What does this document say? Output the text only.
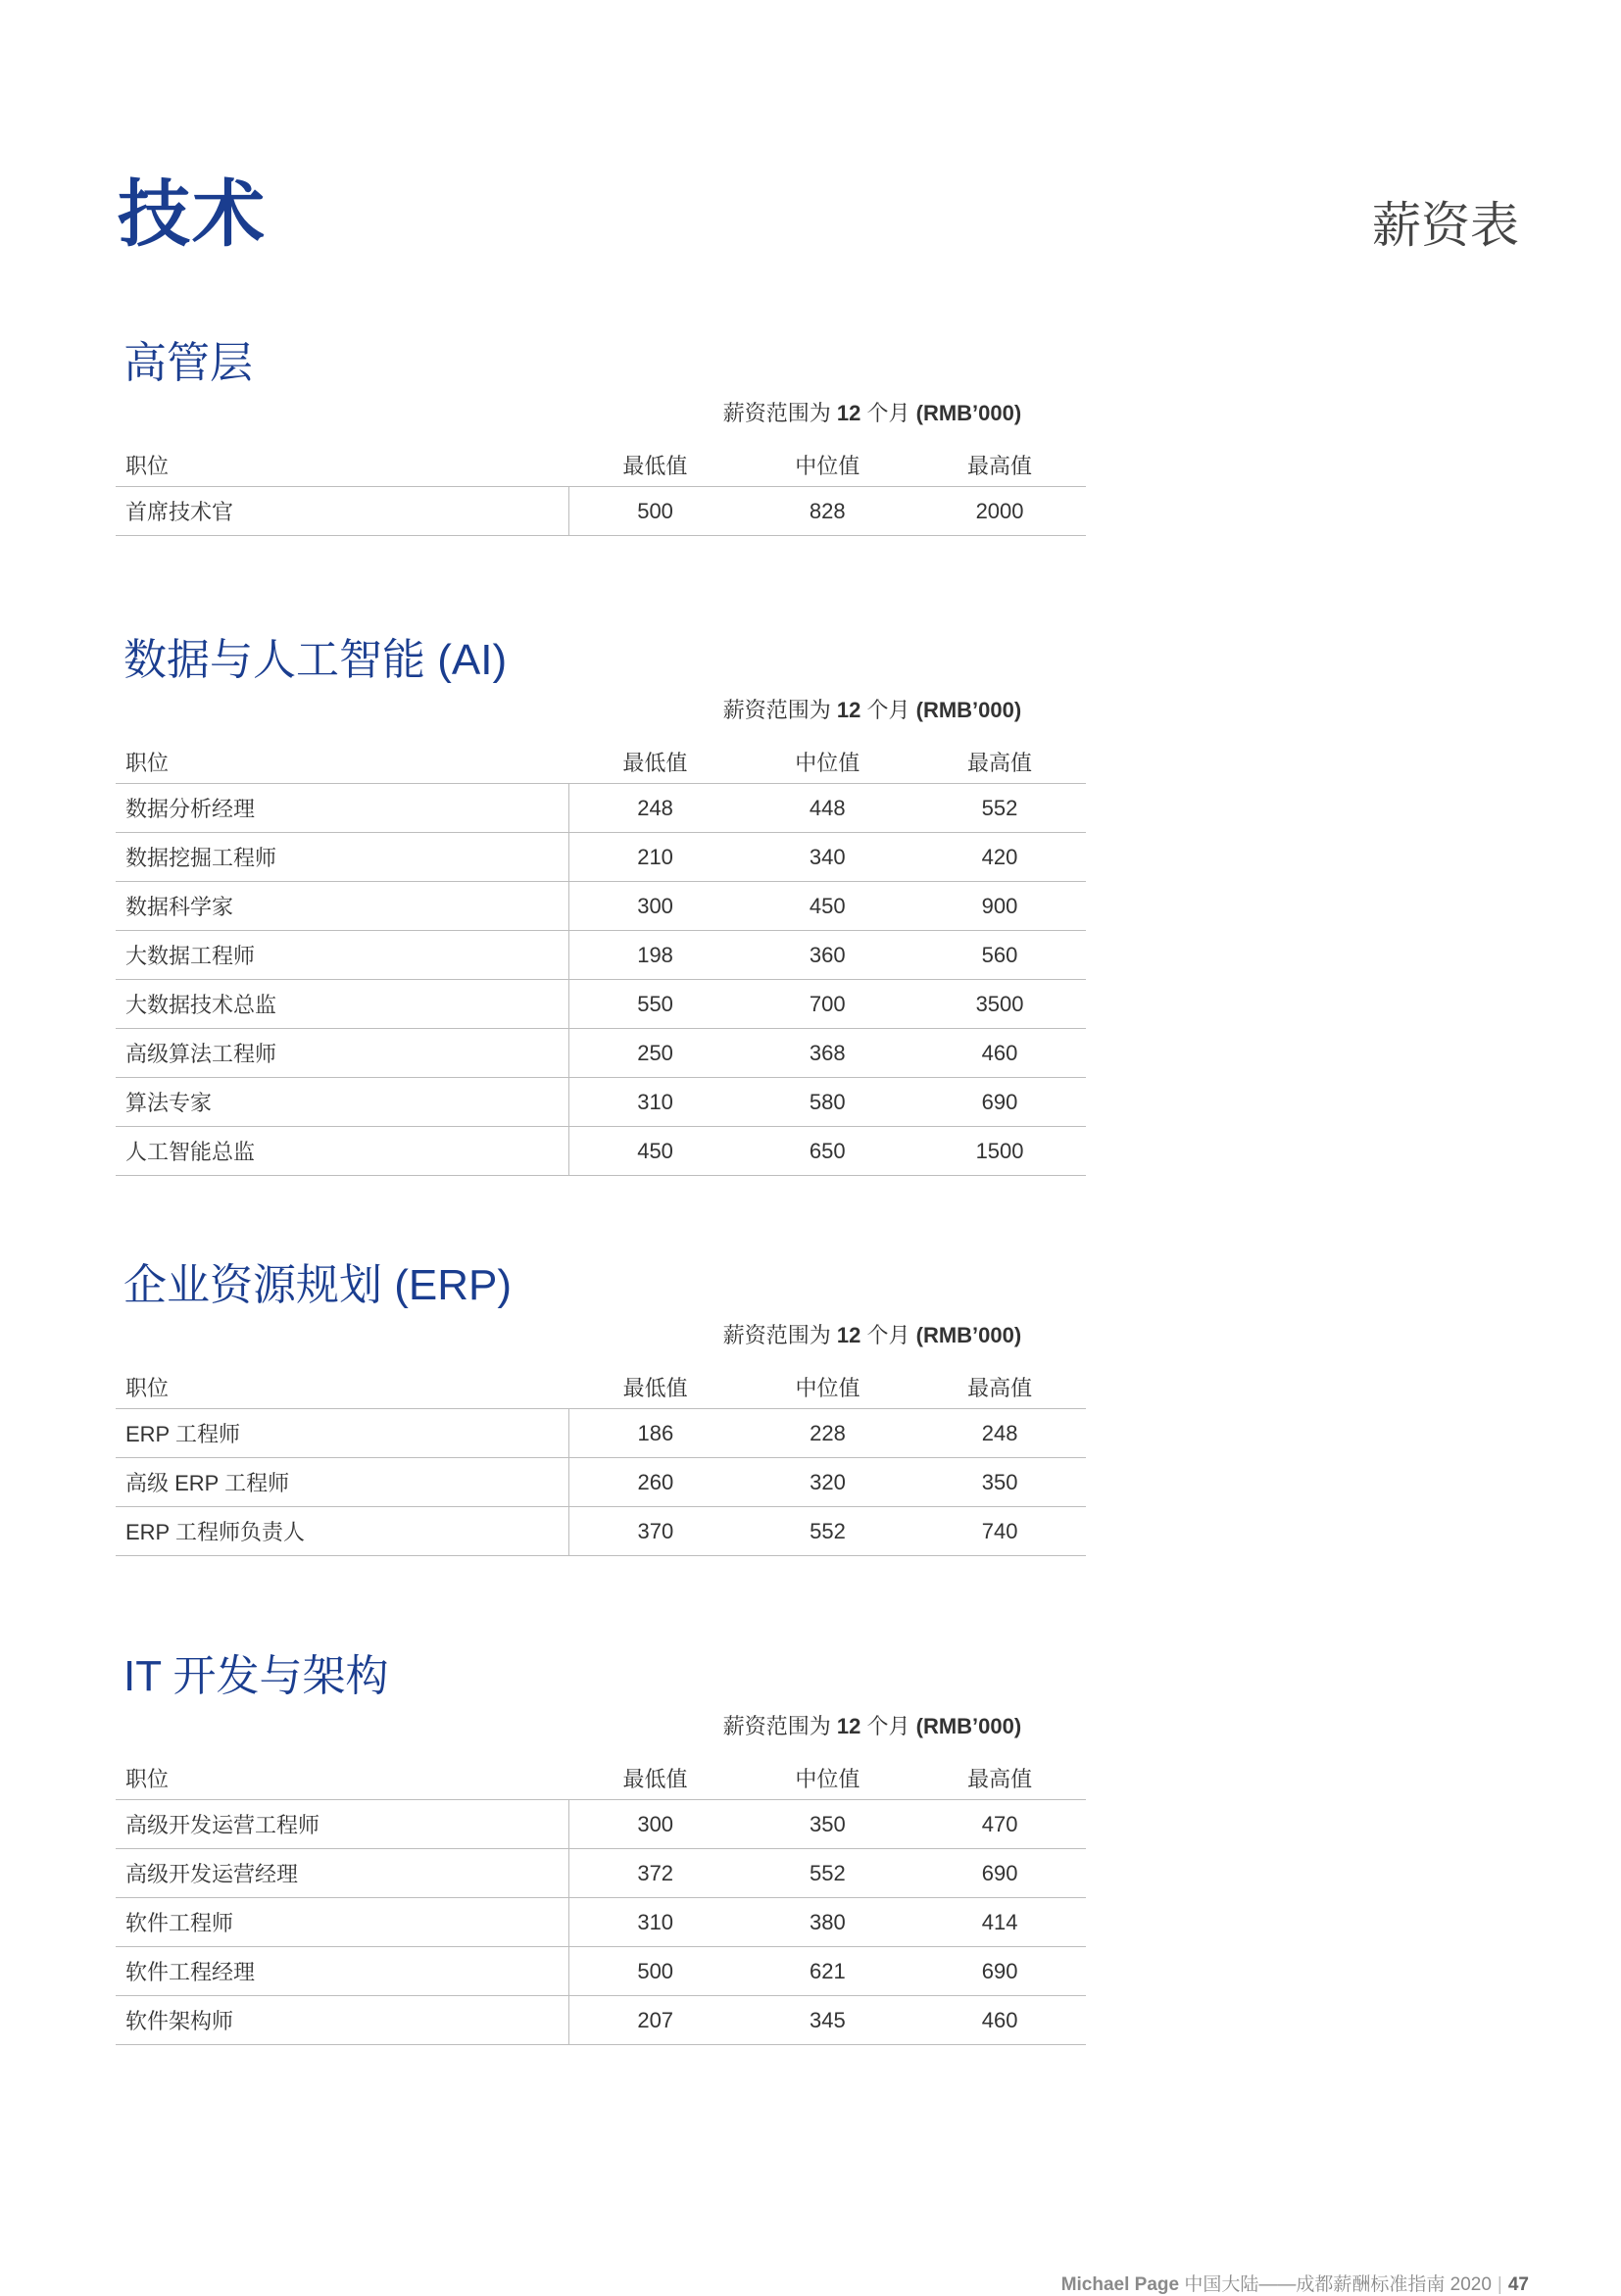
技术	薪资表
高管层
薪资范围为 12 个月 (RMB’000)
职位	最低值	中位值	最高值
首席技术官	500	828	2000
数据与人工智能 (AI)
薪资范围为 12 个月 (RMB’000)
职位	最低值	中位值	最高值
数据分析经理	248	448	552
数据挖掘工程师	210	340	420
数据科学家	300	450	900
大数据工程师	198	360	560
大数据技术总监	550	700	3500
高级算法工程师	250	368	460
算法专家	310	580	690
人工智能总监	450	650	1500
企业资源规划 (ERP)
薪资范围为 12 个月 (RMB’000)
职位	最低值	中位值	最高值
ERP 工程师	186	228	248
高级 ERP 工程师	260	320	350
ERP 工程师负责人	370	552	740
IT 开发与架构
薪资范围为 12 个月 (RMB’000)
职位	最低值	中位值	最高值
高级开发运营工程师	300	350	470
高级开发运营经理	372	552	690
软件工程师	310	380	414
软件工程经理	500	621	690
软件架构师	207	345	460
Michael Page 中国大陆——成都薪酬标准指南 2020 | 47
